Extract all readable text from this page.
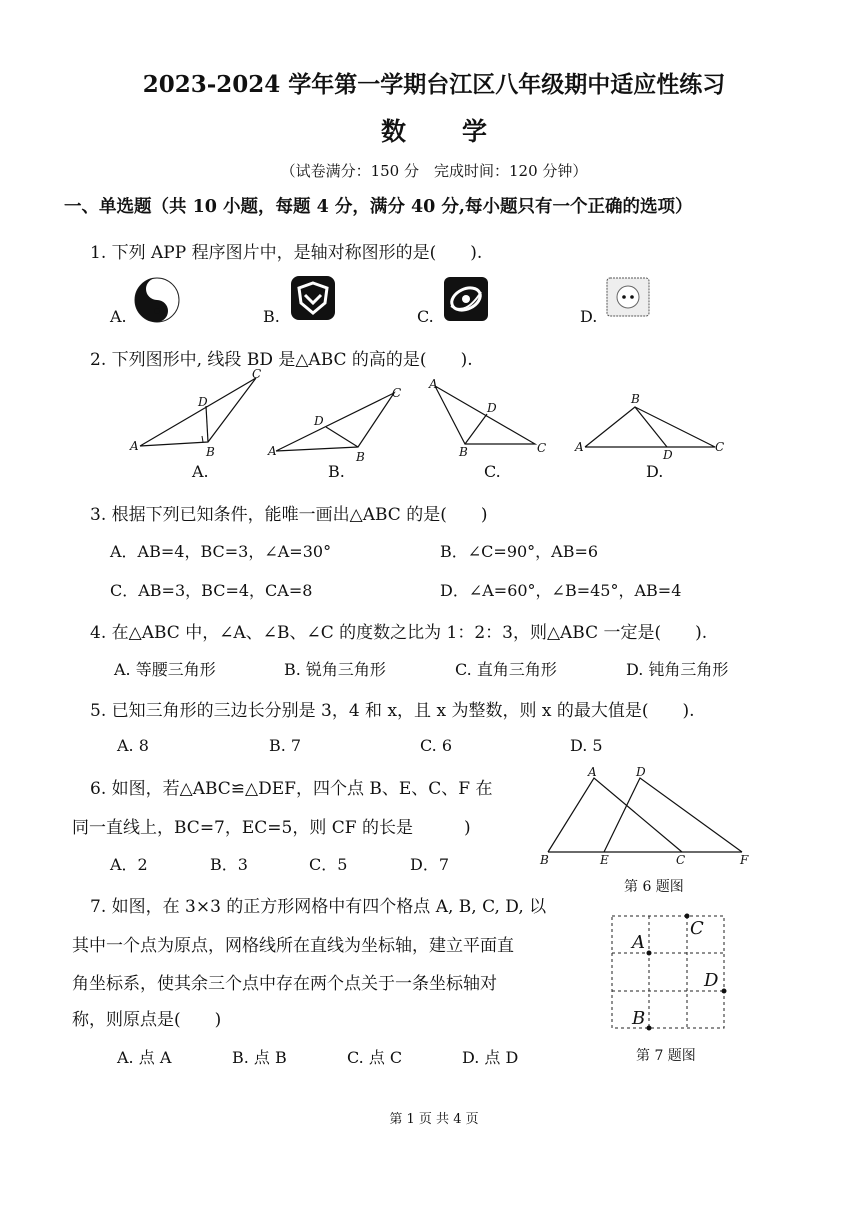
2023-2024 学年第一学期台江区八年级期中适应性练习
数学
（试卷满分：150 分　完成时间：120 分钟）
一、单选题（共 10 小题，每题 4 分，满分 40 分,每小题只有一个正确的选项）
1. 下列 APP 程序图片中，是轴对称图形的是(　　).
A.	B.	C.	D.
2. 下列图形中, 线段 BD 是△ABC 的高的是(　　).
A
C
D
B
A.
A
C
D
B
B.
A
D
B	C
C.
A
B
D
C
D.
3. 根据下列已知条件，能唯一画出△ABC 的是(　　)
A．AB=4，BC=3，∠A=30°	B．∠C=90°，AB=6
C．AB=3，BC=4，CA=8	D．∠A=60°，∠B=45°，AB=4
4. 在△ABC 中，∠A、∠B、∠C 的度数之比为 1：2：3，则△ABC 一定是(　　).
A. 等腰三角形	B. 锐角三角形	C. 直角三角形	D. 钝角三角形
5. 已知三角形的三边长分别是 3，4 和 x，且 x 为整数，则 x 的最大值是(　　).
A. 8	B. 7	C. 6	D. 5
6. 如图，若△ABC≌△DEF，四个点 B、E、C、F 在
同一直线上，BC=7，EC=5，则 CF 的长是　　　)
A．2	B．3	C．5	D．7
A	D
B	E	C	F
第 6 题图
7. 如图，在 3×3 的正方形网格中有四个格点 A, B, C, D, 以
其中一个点为原点，网格线所在直线为坐标轴，建立平面直
角坐标系，使其余三个点中存在两个点关于一条坐标轴对
称，则原点是(　　)
A. 点 A	B. 点 B	C. 点 C	D. 点 D
A
C
D
B
第 7 题图
第 1 页 共 4 页
